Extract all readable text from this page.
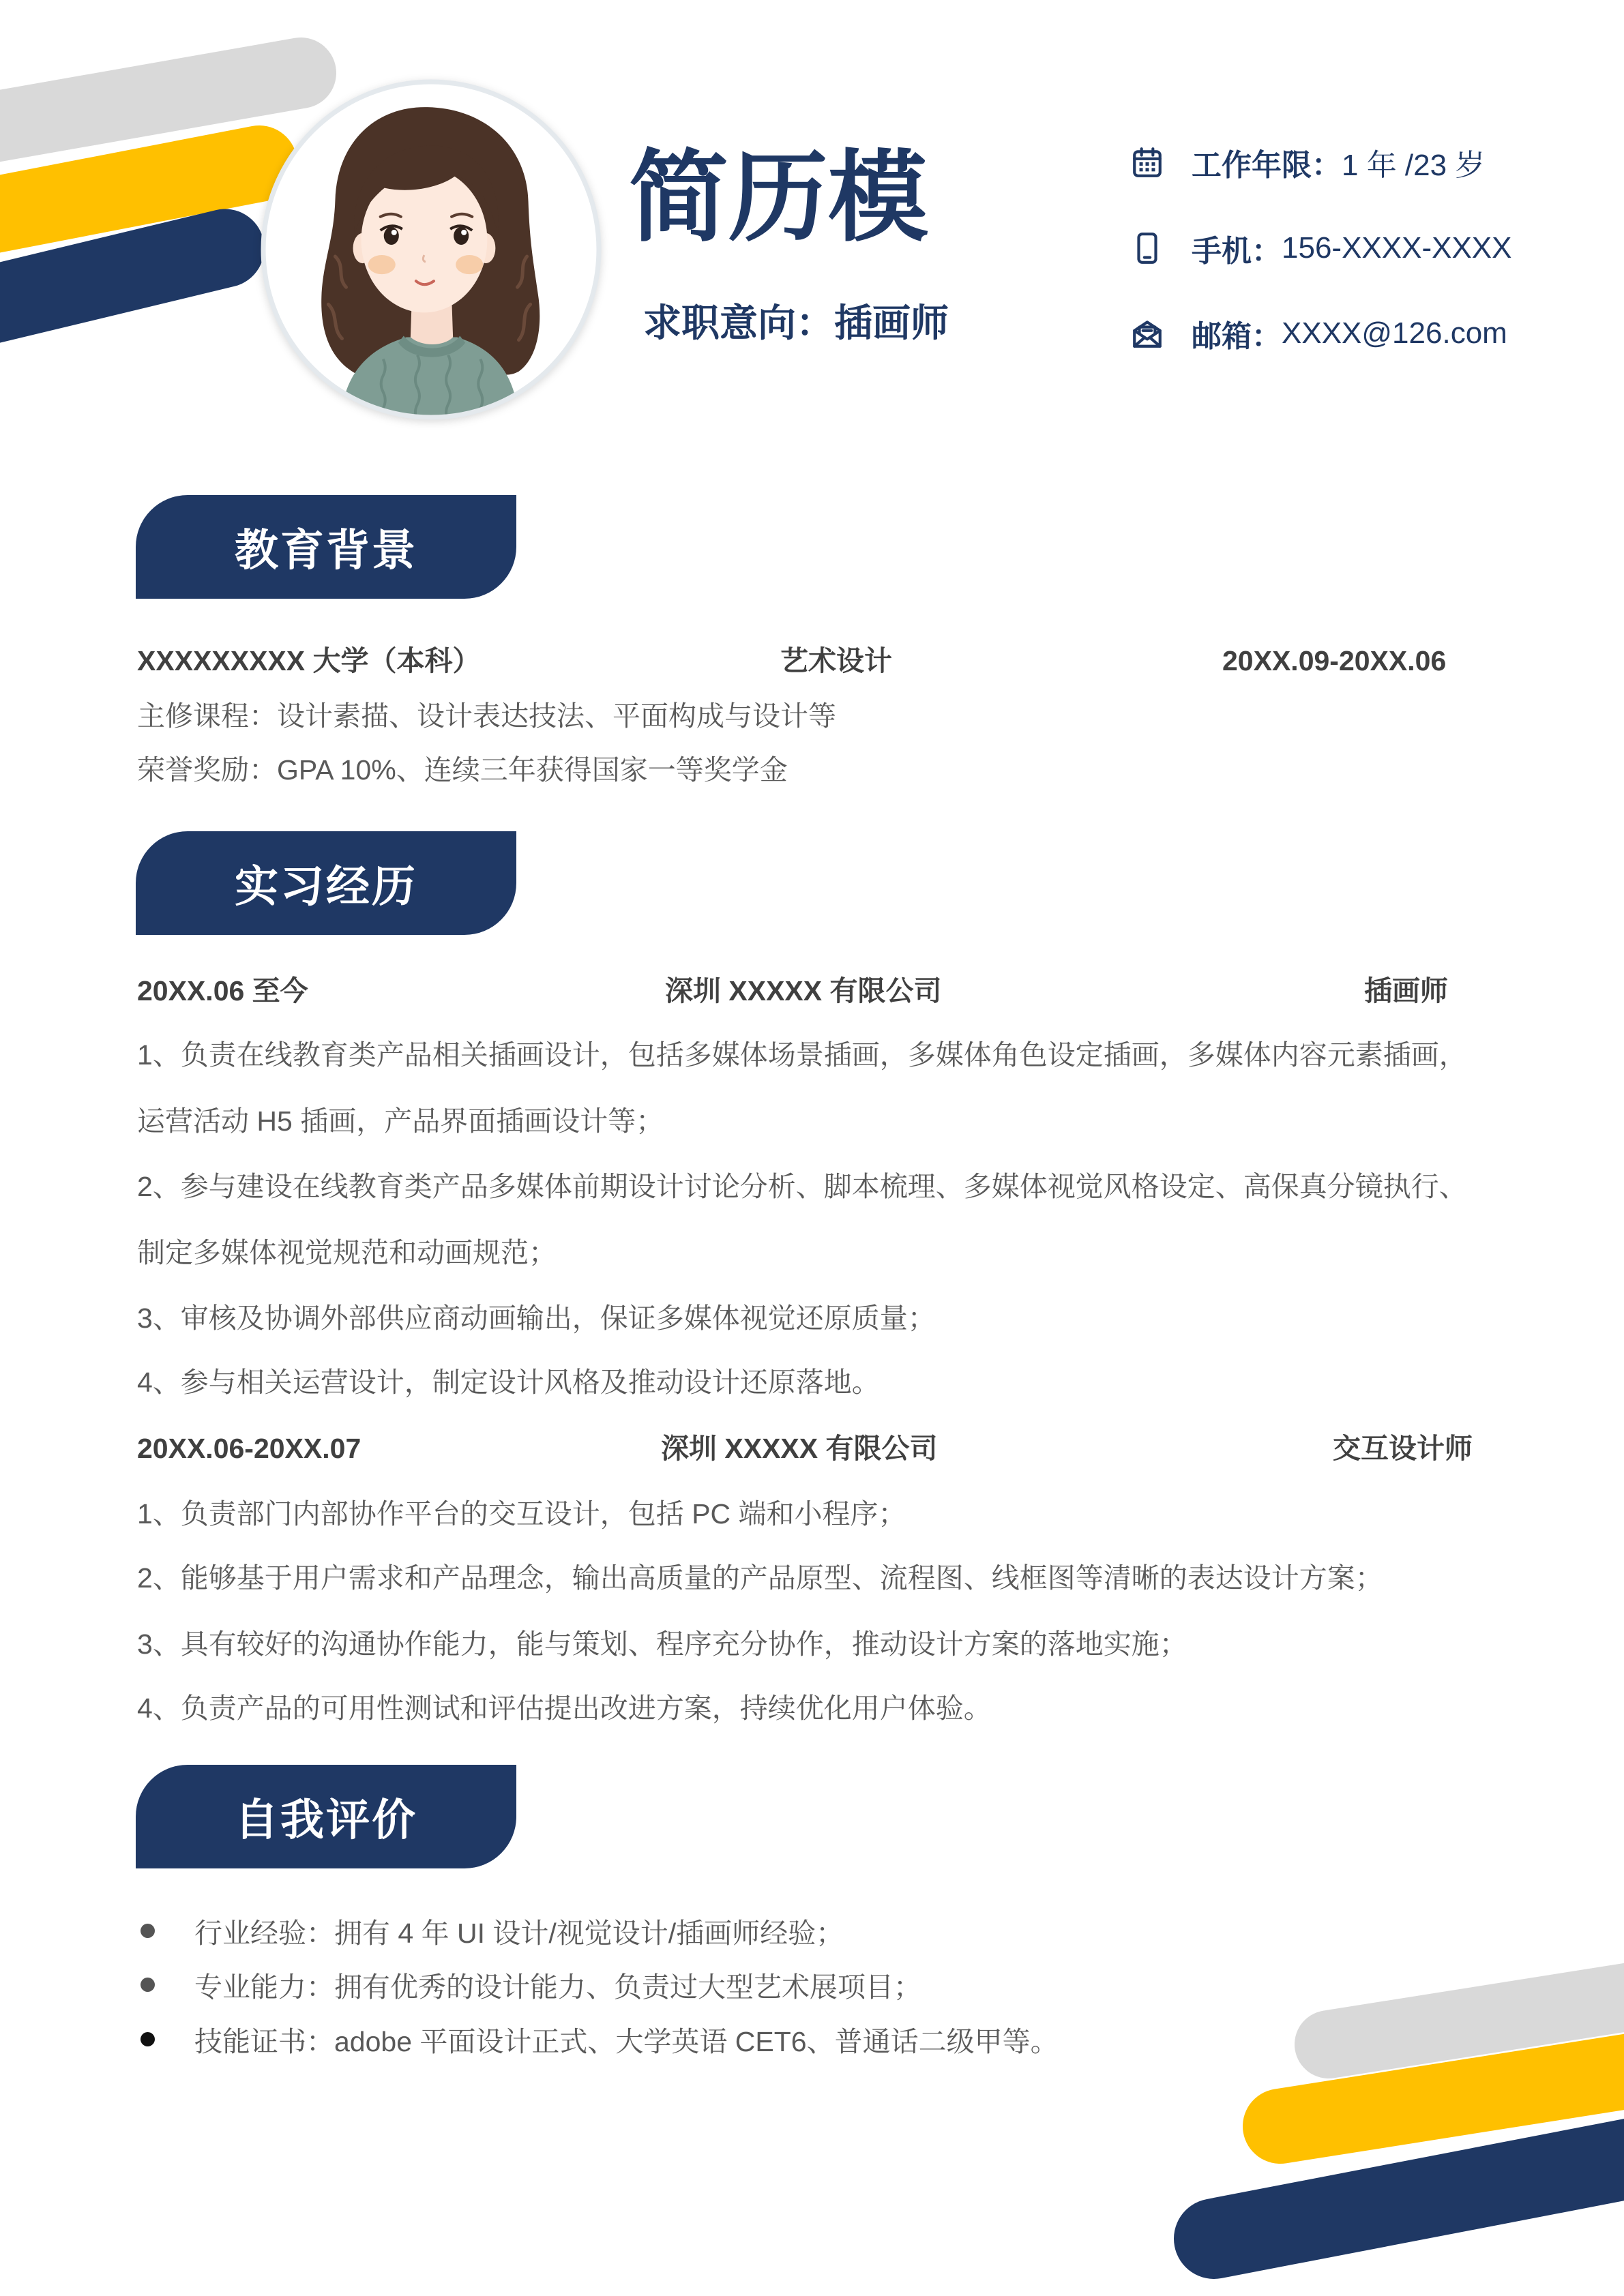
简历模
求职意向：插画师
工作年限： 1 年 /23 岁
手机： 156-XXXX-XXXX
邮箱： XXXX@126.com
教育背景
XXXXXXXXX 大学（本科）	艺术设计	20XX.09-20XX.06
主修课程：设计素描、设计表达技法、平面构成与设计等
荣誉奖励：GPA 10%、连续三年获得国家一等奖学金
实习经历
20XX.06 至今	深圳 XXXXX 有限公司	插画师
1、负责在线教育类产品相关插画设计，包括多媒体场景插画，多媒体角色设定插画，多媒体内容元素插画，
运营活动 H5 插画，产品界面插画设计等；
2、参与建设在线教育类产品多媒体前期设计讨论分析、脚本梳理、多媒体视觉风格设定、高保真分镜执行、
制定多媒体视觉规范和动画规范；
3、审核及协调外部供应商动画输出，保证多媒体视觉还原质量；
4、参与相关运营设计，制定设计风格及推动设计还原落地。
20XX.06-20XX.07	深圳 XXXXX 有限公司	交互设计师
1、负责部门内部协作平台的交互设计，包括 PC 端和小程序；
2、能够基于用户需求和产品理念，输出高质量的产品原型、流程图、线框图等清晰的表达设计方案；
3、具有较好的沟通协作能力，能与策划、程序充分协作，推动设计方案的落地实施；
4、负责产品的可用性测试和评估提出改进方案，持续优化用户体验。
自我评价
行业经验：拥有 4 年 UI 设计/视觉设计/插画师经验；
专业能力：拥有优秀的设计能力、负责过大型艺术展项目；
技能证书：adobe 平面设计正式、大学英语 CET6、普通话二级甲等。
